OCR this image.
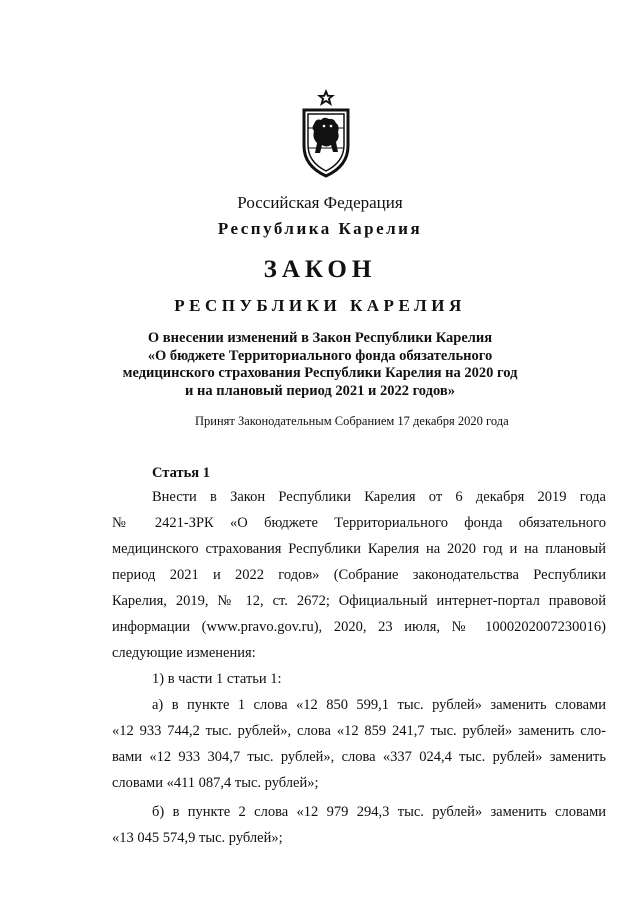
Российская Федерация
Республика Карелия
ЗАКОН
РЕСПУБЛИКИ КАРЕЛИЯ
О внесении изменений в Закон Республики Карелия
«О бюджете Территориального фонда обязательного
медицинского страхования Республики Карелия на 2020 год
и на плановый период 2021 и 2022 годов»
Принят Законодательным Собранием 17 декабря 2020 года
Статья 1
Внести в Закон Республики Карелия от 6 декабря 2019 года
№ 2421-ЗРК «О бюджете Территориального фонда обязательного
медицинского страхования Республики Карелия на 2020 год и на плановый
период 2021 и 2022 годов» (Собрание законодательства Республики
Карелия, 2019, № 12, ст. 2672; Официальный интернет-портал правовой
информации (www.pravo.gov.ru), 2020, 23 июля, № 1000202007230016)
следующие изменения:
1) в части 1 статьи 1:
а) в пункте 1 слова «12 850 599,1 тыс. рублей» заменить словами
«12 933 744,2 тыс. рублей», слова «12 859 241,7 тыс. рублей» заменить сло-
вами «12 933 304,7 тыс. рублей», слова «337 024,4 тыс. рублей» заменить
словами «411 087,4 тыс. рублей»;
б) в пункте 2 слова «12 979 294,3 тыс. рублей» заменить словами
«13 045 574,9 тыс. рублей»;
